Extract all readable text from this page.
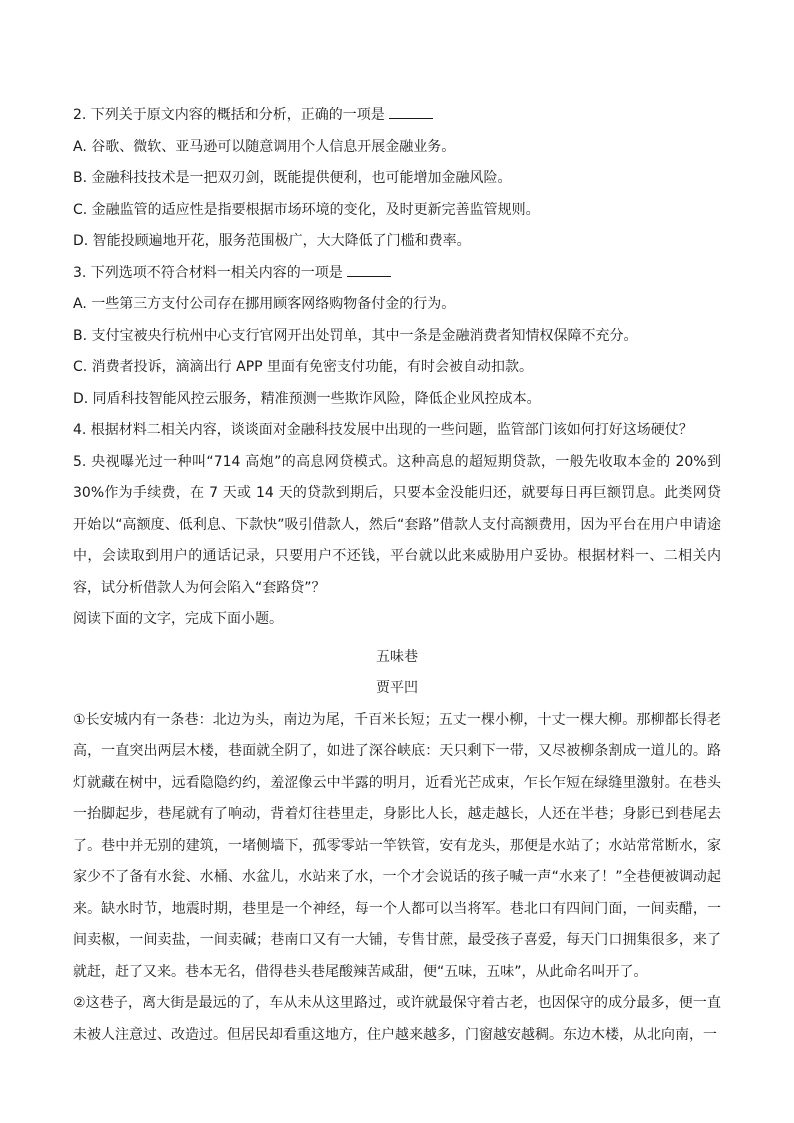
2. 下列关于原文内容的概括和分析，正确的一项是
A. 谷歌、微软、亚马逊可以随意调用个人信息开展金融业务。
B. 金融科技技术是一把双刃剑，既能提供便利，也可能增加金融风险。
C. 金融监管的适应性是指要根据市场环境的变化，及时更新完善监管规则。
D. 智能投顾遍地开花，服务范围极广，大大降低了门槛和费率。
3. 下列选项不符合材料一相关内容的一项是
A. 一些第三方支付公司存在挪用顾客网络购物备付金的行为。
B. 支付宝被央行杭州中心支行官网开出处罚单，其中一条是金融消费者知情权保障不充分。
C. 消费者投诉，滴滴出行 APP 里面有免密支付功能，有时会被自动扣款。
D. 同盾科技智能风控云服务，精准预测一些欺诈风险，降低企业风控成本。
4. 根据材料二相关内容，谈谈面对金融科技发展中出现的一些问题，监管部门该如何打好这场硬仗？
5. 央视曝光过一种叫“714 高炮”的高息网贷模式。这种高息的超短期贷款，一般先收取本金的 20%到 30%作为手续费，在 7 天或 14 天的贷款到期后，只要本金没能归还，就要每日再巨额罚息。此类网贷开始以“高额度、低利息、下款快”吸引借款人，然后“套路”借款人支付高额费用，因为平台在用户申请途中，会读取到用户的通话记录，只要用户不还钱，平台就以此来威胁用户妥协。根据材料一、二相关内容，试分析借款人为何会陷入“套路贷”？
阅读下面的文字，完成下面小题。
五味巷
贾平凹
①长安城内有一条巷：北边为头，南边为尾，千百米长短；五丈一棵小柳，十丈一棵大柳。那柳都长得老高，一直突出两层木楼，巷面就全阴了，如进了深谷峡底：天只剩下一带，又尽被柳条割成一道儿的。路灯就藏在树中，远看隐隐约约，羞涩像云中半露的明月，近看光芒成束，乍长乍短在绿缝里激射。在巷头一抬脚起步，巷尾就有了响动，背着灯往巷里走，身影比人长，越走越长，人还在半巷；身影已到巷尾去了。巷中并无别的建筑，一堵侧墙下，孤零零站一竿铁管，安有龙头，那便是水站了；水站常常断水，家家少不了备有水瓮、水桶、水盆儿，水站来了水，一个才会说话的孩子喊一声“水来了！”全巷便被调动起来。缺水时节，地震时期，巷里是一个神经，每一个人都可以当将军。巷北口有四间门面，一间卖醋，一间卖椒，一间卖盐，一间卖碱；巷南口又有一大铺，专售甘蔗，最受孩子喜爱，每天门口拥集很多，来了就赶，赶了又来。巷本无名，借得巷头巷尾酸辣苦咸甜，便“五味，五味”，从此命名叫开了。
②这巷子，离大街是最远的了，车从未从这里路过，或许就最保守着古老，也因保守的成分最多，便一直未被人注意过、改造过。但居民却看重这地方，住户越来越多，门窗越安越稠。东边木楼，从北向南，一
